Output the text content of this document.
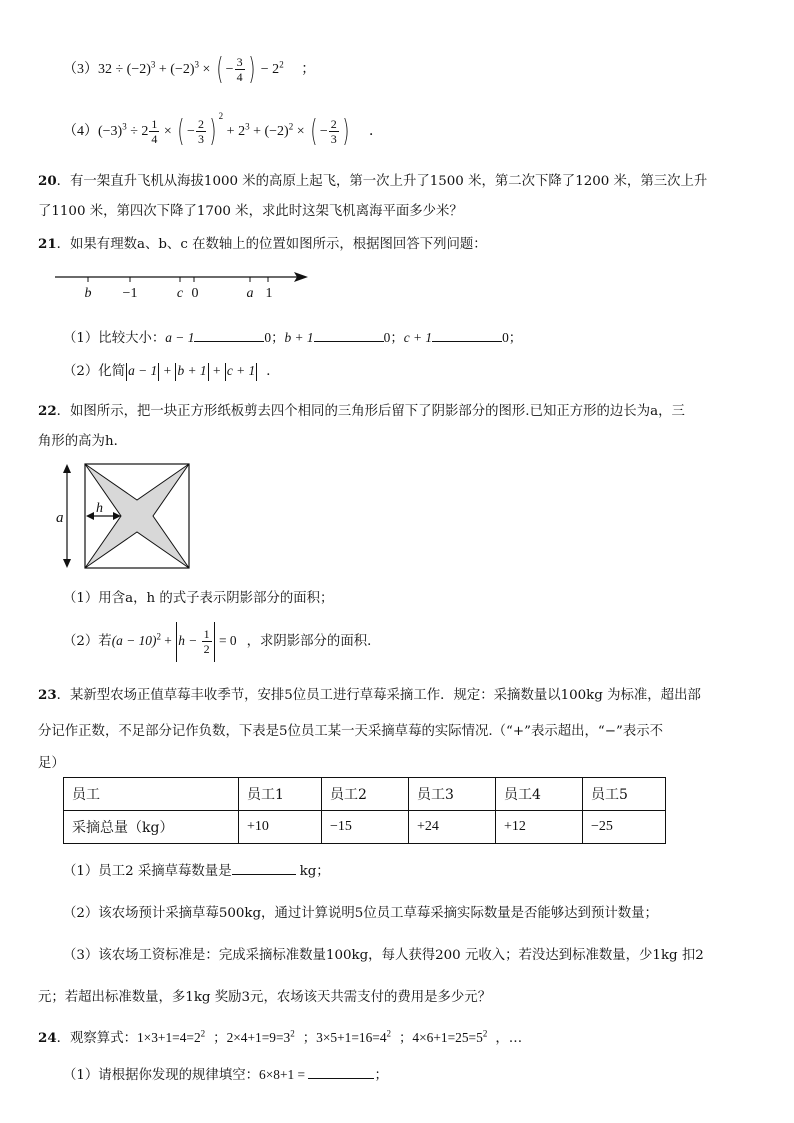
$(3)32 \div (-2)^3 + (-2)^3$ × ( − $\frac{3}{4}$ ) − $2^2$ ；
$(4)(-3)^3 \div 2 \frac{1}{4}$ × ( − $\frac{2}{3}$ ) $^2 + 2^3 + (-2)^2$ × ( − $\frac{2}{3}$ ) ．
20．有一架直升飞机从海拔1000 米的高原上起飞，第一次上升了1500 米，第二次下降了1200 米，第三次上升
了1100 米，第四次下降了1700 米，求此时这架飞机离海平面多少米？
21．如果有理数a、b、c 在数轴上的位置如图所示，根据图回答下列问题：
b −1	c 0	a 1
（1）比较大小：a − 1	0；b + 1	0；c + 1	0；
（2）化简 a − 1 + b + 1 + c + 1 ．
22．如图所示，把一块正方形纸板剪去四个相同的三角形后留下了阴影部分的图形.已知正方形的边长为a，三
角形的高为h．
a
h
（1）用含a，h 的式子表示阴影部分的面积；
（2）若$(a - 10)^2 + h - \frac{1}{2} = 0$ ，求阴影部分的面积．
23．某新型农场正值草莓丰收季节，安排5位员工进行草莓采摘工作．规定：采摘数量以100kg 为标准，超出部
分记作正数，不足部分记作负数，下表是5位员工某一天采摘草莓的实际情况.（“+”表示超出，“−”表示不
足）
员工	员工1	员工2	员工3	员工4	员工5
采摘总量（kg）	+10	−15	+24	+12	−25
（1）员工2 采摘草莓数量是	kg；
（2）该农场预计采摘草莓500kg，通过计算说明5位员工草莓采摘实际数量是否能够达到预计数量；
（3）该农场工资标准是：完成采摘标准数量100kg，每人获得200 元收入；若没达到标准数量，少1kg 扣2
元；若超出标准数量，多1kg 奖励3元，农场该天共需支付的费用是多少元？
24．观察算式：$1\times 3+1=4=2^2$ ；$2\times 4+1=9=3^2$ ；$3\times 5+1=16=4^2$ ；$4\times 6+1=25=5^2$ ，…
（1）请根据你发现的规律填空：6×8+1 =	；
